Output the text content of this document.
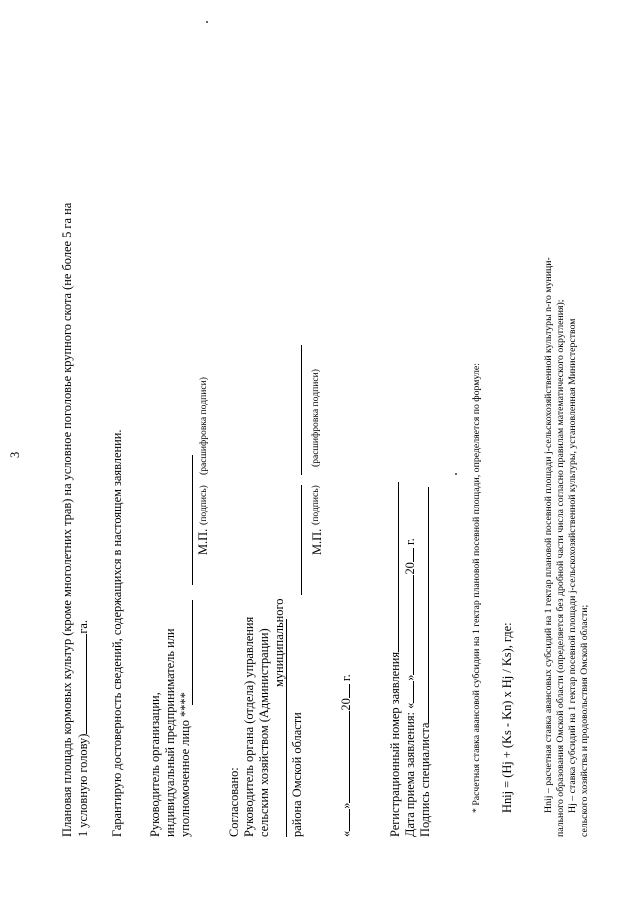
3	Плановая площадь кормовых культур (кроме многолетних трав) на условное поголовье крупного скота (не более 5 га на 1 условную голову)га. Гарантирую достоверность сведений, содержащихся в настоящем заявлении. Руководитель организации, индивидуальный предприниматель или уполномоченное лицо ****
М.П.
(подпись)
(расшифровка подписи)
Согласовано: Руководитель органа (отдела) управления сельским хозяйством (Администрации) муниципального
района Омской области
М.П.
(подпись)
(расшифровка подписи)
«»20 г.	Регистрационный номер заявления Дата приема заявления: «»20 г.
Подпись специалиста	* Расчетная ставка авансовой субсидии на 1 гектар плановой посевной площади, определяется по формуле: Hnij = (Hj + (Ks - Kn) x Hj / Ks), где:	Hnij – расчетная ставка авансовых субсидий на 1 гектар плановой посевной площади j-сельскохозяйственной культуры n-го муници- пального образования Омской области (определяется без дробной части числа согласно правилам математического округления); Hj – ставка субсидий на 1 гектар посевной площади j-сельскохозяйственной культуры, установленная Министерством сельского хозяйства и продовольствия Омской области;
